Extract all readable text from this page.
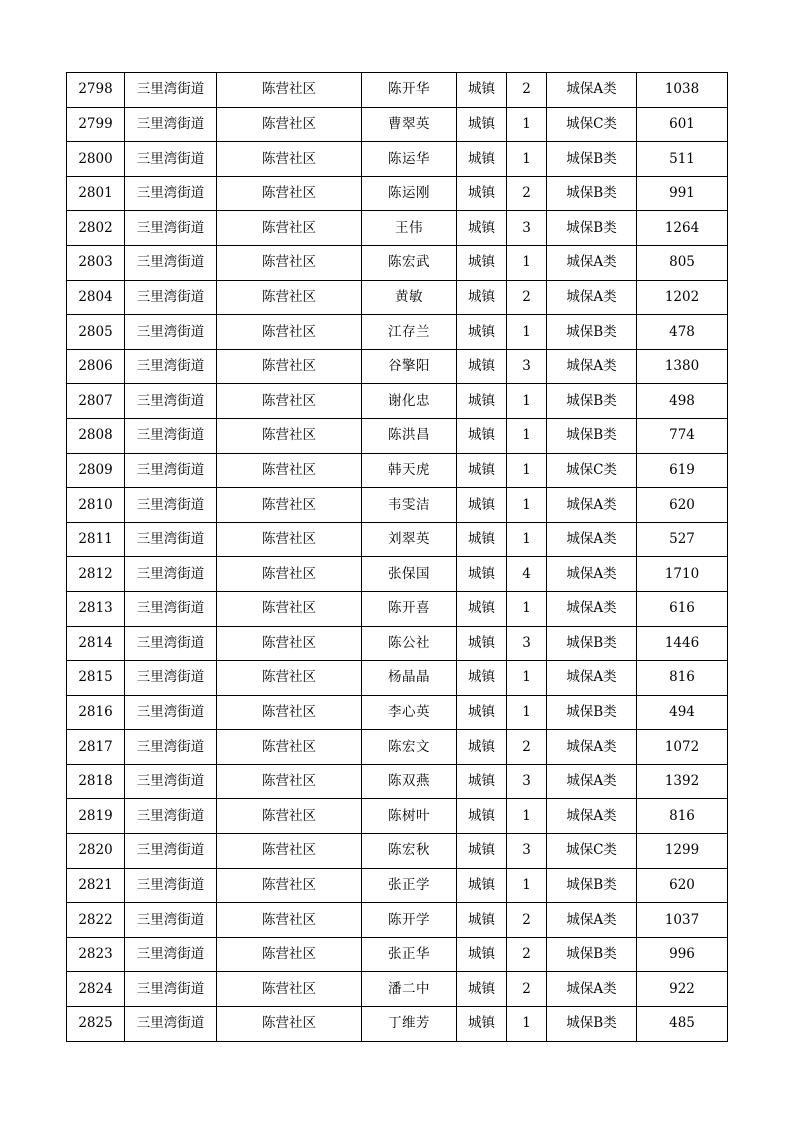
2798	三里湾街道	陈营社区	陈开华	城镇	2	城保A类	1038
2799	三里湾街道	陈营社区	曹翠英	城镇	1	城保C类	601
2800	三里湾街道	陈营社区	陈运华	城镇	1	城保B类	511
2801	三里湾街道	陈营社区	陈运刚	城镇	2	城保B类	991
2802	三里湾街道	陈营社区	王伟	城镇	3	城保B类	1264
2803	三里湾街道	陈营社区	陈宏武	城镇	1	城保A类	805
2804	三里湾街道	陈营社区	黄敏	城镇	2	城保A类	1202
2805	三里湾街道	陈营社区	江存兰	城镇	1	城保B类	478
2806	三里湾街道	陈营社区	谷擎阳	城镇	3	城保A类	1380
2807	三里湾街道	陈营社区	谢化忠	城镇	1	城保B类	498
2808	三里湾街道	陈营社区	陈洪昌	城镇	1	城保B类	774
2809	三里湾街道	陈营社区	韩天虎	城镇	1	城保C类	619
2810	三里湾街道	陈营社区	韦雯洁	城镇	1	城保A类	620
2811	三里湾街道	陈营社区	刘翠英	城镇	1	城保A类	527
2812	三里湾街道	陈营社区	张保国	城镇	4	城保A类	1710
2813	三里湾街道	陈营社区	陈开喜	城镇	1	城保A类	616
2814	三里湾街道	陈营社区	陈公社	城镇	3	城保B类	1446
2815	三里湾街道	陈营社区	杨晶晶	城镇	1	城保A类	816
2816	三里湾街道	陈营社区	李心英	城镇	1	城保B类	494
2817	三里湾街道	陈营社区	陈宏文	城镇	2	城保A类	1072
2818	三里湾街道	陈营社区	陈双燕	城镇	3	城保A类	1392
2819	三里湾街道	陈营社区	陈树叶	城镇	1	城保A类	816
2820	三里湾街道	陈营社区	陈宏秋	城镇	3	城保C类	1299
2821	三里湾街道	陈营社区	张正学	城镇	1	城保B类	620
2822	三里湾街道	陈营社区	陈开学	城镇	2	城保A类	1037
2823	三里湾街道	陈营社区	张正华	城镇	2	城保B类	996
2824	三里湾街道	陈营社区	潘二中	城镇	2	城保A类	922
2825	三里湾街道	陈营社区	丁维芳	城镇	1	城保B类	485
